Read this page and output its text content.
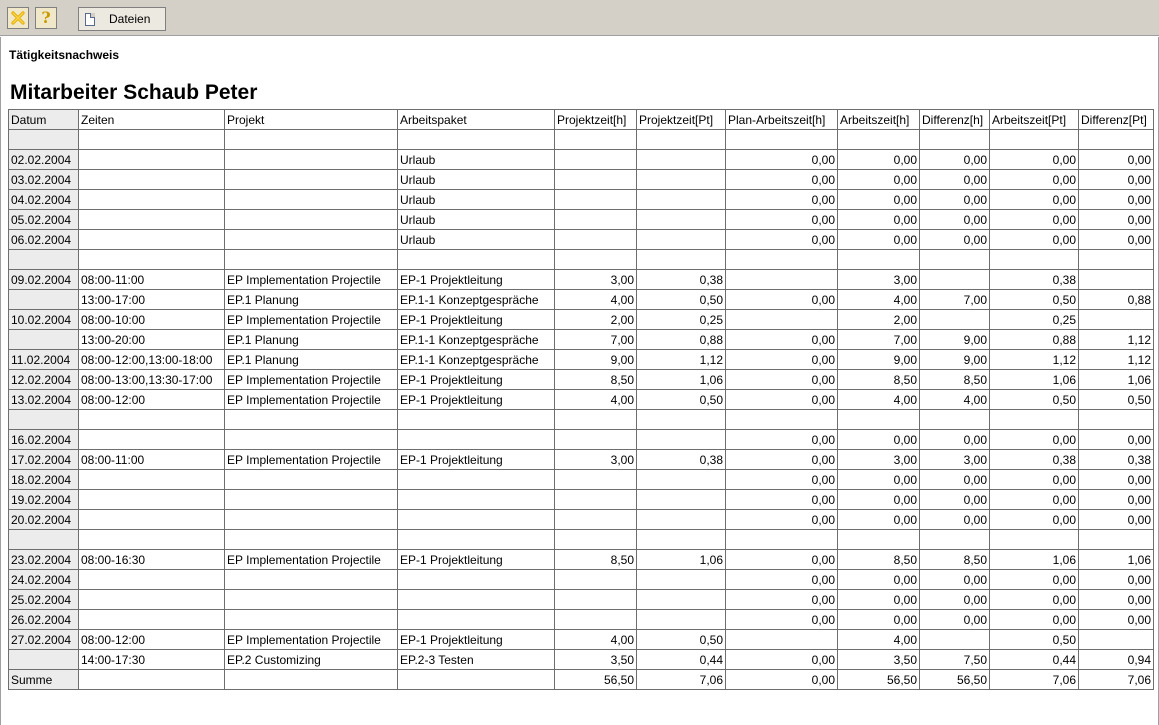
?	Dateien
Tätigkeitsnachweis
Mitarbeiter Schaub Peter
Datum	Zeiten	Projekt	Arbeitspaket	Projektzeit[h]	Projektzeit[Pt]	Plan-Arbeitszeit[h]	Arbeitszeit[h]	Differenz[h]	Arbeitszeit[Pt]	Differenz[Pt]

02.02.2004			Urlaub			0,00	0,00	0,00	0,00	0,00
03.02.2004			Urlaub			0,00	0,00	0,00	0,00	0,00
04.02.2004			Urlaub			0,00	0,00	0,00	0,00	0,00
05.02.2004			Urlaub			0,00	0,00	0,00	0,00	0,00
06.02.2004			Urlaub			0,00	0,00	0,00	0,00	0,00

09.02.2004	08:00-11:00	EP Implementation Projectile	EP-1 Projektleitung	3,00	0,38		3,00		0,38	
	13:00-17:00	EP.1 Planung	EP.1-1 Konzeptgespräche	4,00	0,50	0,00	4,00	7,00	0,50	0,88
10.02.2004	08:00-10:00	EP Implementation Projectile	EP-1 Projektleitung	2,00	0,25		2,00		0,25	
	13:00-20:00	EP.1 Planung	EP.1-1 Konzeptgespräche	7,00	0,88	0,00	7,00	9,00	0,88	1,12
11.02.2004	08:00-12:00,13:00-18:00	EP.1 Planung	EP.1-1 Konzeptgespräche	9,00	1,12	0,00	9,00	9,00	1,12	1,12
12.02.2004	08:00-13:00,13:30-17:00	EP Implementation Projectile	EP-1 Projektleitung	8,50	1,06	0,00	8,50	8,50	1,06	1,06
13.02.2004	08:00-12:00	EP Implementation Projectile	EP-1 Projektleitung	4,00	0,50	0,00	4,00	4,00	0,50	0,50

16.02.2004						0,00	0,00	0,00	0,00	0,00
17.02.2004	08:00-11:00	EP Implementation Projectile	EP-1 Projektleitung	3,00	0,38	0,00	3,00	3,00	0,38	0,38
18.02.2004						0,00	0,00	0,00	0,00	0,00
19.02.2004						0,00	0,00	0,00	0,00	0,00
20.02.2004						0,00	0,00	0,00	0,00	0,00

23.02.2004	08:00-16:30	EP Implementation Projectile	EP-1 Projektleitung	8,50	1,06	0,00	8,50	8,50	1,06	1,06
24.02.2004						0,00	0,00	0,00	0,00	0,00
25.02.2004						0,00	0,00	0,00	0,00	0,00
26.02.2004						0,00	0,00	0,00	0,00	0,00
27.02.2004	08:00-12:00	EP Implementation Projectile	EP-1 Projektleitung	4,00	0,50		4,00		0,50	
	14:00-17:30	EP.2 Customizing	EP.2-3 Testen	3,50	0,44	0,00	3,50	7,50	0,44	0,94
Summe				56,50	7,06	0,00	56,50	56,50	7,06	7,06
